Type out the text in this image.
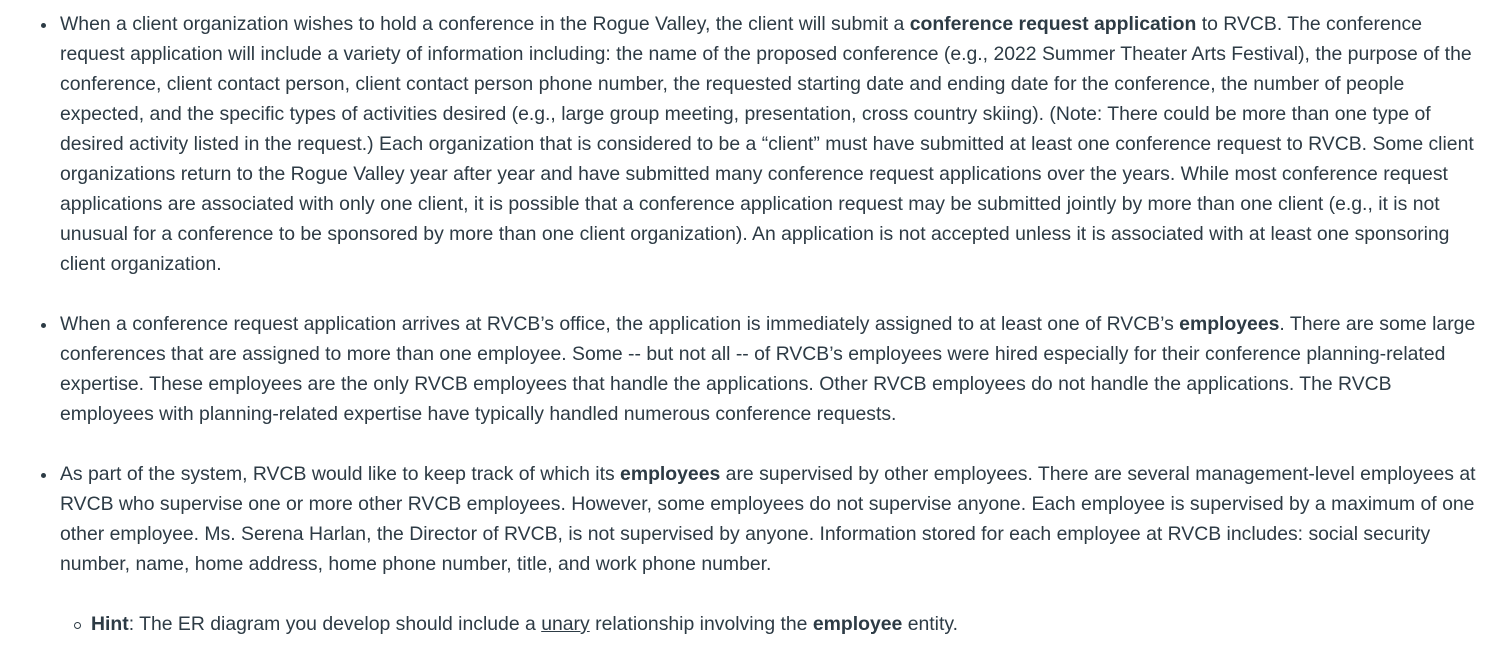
When a client organization wishes to hold a conference in the Rogue Valley, the client will submit a conference request application to RVCB. The conference request application will include a variety of information including: the name of the proposed conference (e.g., 2022 Summer Theater Arts Festival), the purpose of the conference, client contact person, client contact person phone number, the requested starting date and ending date for the conference, the number of people expected, and the specific types of activities desired (e.g., large group meeting, presentation, cross country skiing). (Note: There could be more than one type of desired activity listed in the request.) Each organization that is considered to be a “client” must have submitted at least one conference request to RVCB. Some client organizations return to the Rogue Valley year after year and have submitted many conference request applications over the years. While most conference request applications are associated with only one client, it is possible that a conference application request may be submitted jointly by more than one client (e.g., it is not unusual for a conference to be sponsored by more than one client organization). An application is not accepted unless it is associated with at least one sponsoring client organization.
When a conference request application arrives at RVCB’s office, the application is immediately assigned to at least one of RVCB’s employees. There are some large conferences that are assigned to more than one employee. Some -- but not all -- of RVCB’s employees were hired especially for their conference planning-related expertise. These employees are the only RVCB employees that handle the applications. Other RVCB employees do not handle the applications. The RVCB employees with planning-related expertise have typically handled numerous conference requests.
As part of the system, RVCB would like to keep track of which its employees are supervised by other employees. There are several management-level employees at RVCB who supervise one or more other RVCB employees. However, some employees do not supervise anyone. Each employee is supervised by a maximum of one other employee. Ms. Serena Harlan, the Director of RVCB, is not supervised by anyone. Information stored for each employee at RVCB includes: social security number, name, home address, home phone number, title, and work phone number.
Hint: The ER diagram you develop should include a unary relationship involving the employee entity.
